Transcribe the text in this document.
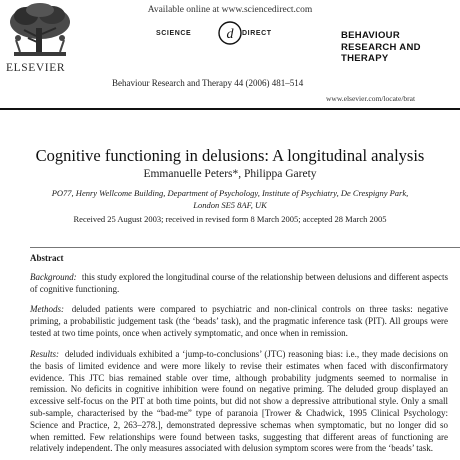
ELSEVIER
Available online at www.sciencedirect.com
d
SCIENCE	DIRECT
Behaviour Research and Therapy 44 (2006) 481–514
BEHAVIOUR
RESEARCH AND
THERAPY
www.elsevier.com/locate/brat
Cognitive functioning in delusions: A longitudinal analysis
Emmanuelle Peters*, Philippa Garety
PO77, Henry Wellcome Building, Department of Psychology, Institute of Psychiatry, De Crespigny Park,
London SE5 8AF, UK
Received 25 August 2003; received in revised form 8 March 2005; accepted 28 March 2005
Abstract
Background: this study explored the longitudinal course of the relationship between delusions and different aspects of cognitive functioning.
Methods: deluded patients were compared to psychiatric and non-clinical controls on three tasks: negative priming, a probabilistic judgement task (the ‘beads’ task), and the pragmatic inference task (PIT). All groups were tested at two time points, once when actively symptomatic, and once when in remission.
Results: deluded individuals exhibited a ‘jump-to-conclusions’ (JTC) reasoning bias: i.e., they made decisions on the basis of limited evidence and were more likely to revise their estimates when faced with disconfirmatory evidence. This JTC bias remained stable over time, although probability judgments seemed to normalise in remission. No deficits in cognitive inhibition were found on negative priming. The deluded group displayed an excessive self-focus on the PIT at both time points, but did not show a depressive attributional style. Only a small sub-sample, characterised by the “bad-me” type of paranoia [Trower & Chadwick, 1995 Clinical Psychology: Science and Practice, 2, 263–278.], demonstrated depressive schemas when symptomatic, but no longer did so when remitted. Few relationships were found between tasks, suggesting that different areas of functioning are relatively independent. The only measures associated with delusion symptom scores were from the ‘beads’ task.
